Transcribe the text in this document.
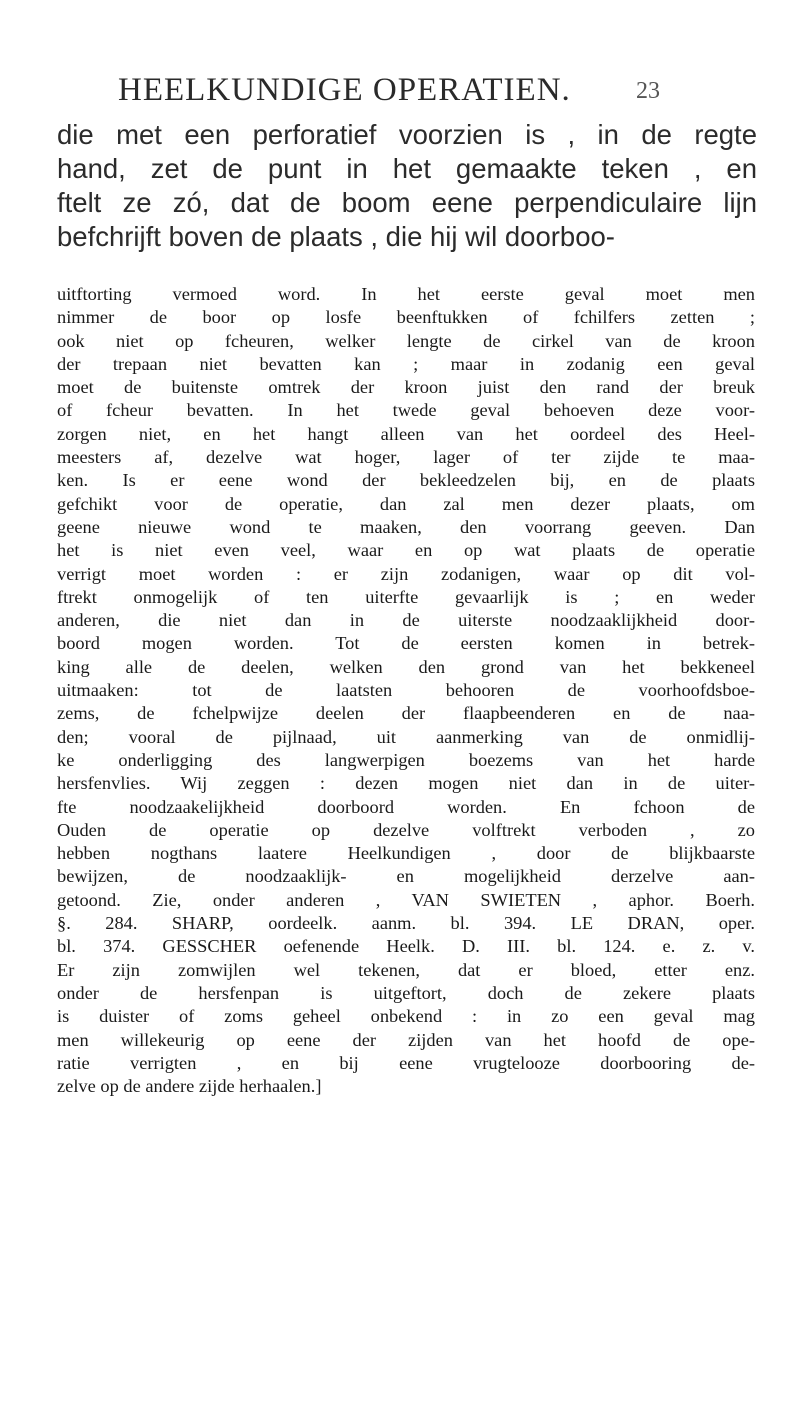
HEELKUNDIGE OPERATIEN.	23
die met een perforatief voorzien is , in de regte
hand, zet de punt in het gemaakte teken , en
ftelt ze zó, dat de boom eene perpendiculaire lijn
befchrijft boven de plaats , die hij wil doorboo-
uitftorting vermoed word. In het eerste geval moet men
nimmer de boor op losfe beenftukken of fchilfers zetten ;
ook niet op fcheuren, welker lengte de cirkel van de kroon
der trepaan niet bevatten kan ; maar in zodanig een geval
moet de buitenste omtrek der kroon juist den rand der breuk
of fcheur bevatten. In het twede geval behoeven deze voor-
zorgen niet, en het hangt alleen van het oordeel des Heel-
meesters af, dezelve wat hoger, lager of ter zijde te maa-
ken. Is er eene wond der bekleedzelen bij, en de plaats
gefchikt voor de operatie, dan zal men dezer plaats, om
geene nieuwe wond te maaken, den voorrang geeven. Dan
het is niet even veel, waar en op wat plaats de operatie
verrigt moet worden : er zijn zodanigen, waar op dit vol-
ftrekt onmogelijk of ten uiterfte gevaarlijk is ; en weder
anderen, die niet dan in de uiterste noodzaaklijkheid door-
boord mogen worden. Tot de eersten komen in betrek-
king alle de deelen, welken den grond van het bekkeneel
uitmaaken: tot de laatsten behooren de voorhoofdsboe-
zems, de fchelpwijze deelen der flaapbeenderen en de naa-
den; vooral de pijlnaad, uit aanmerking van de onmidlij-
ke onderligging des langwerpigen boezems van het harde
hersfenvlies. Wij zeggen : dezen mogen niet dan in de uiter-
fte noodzaakelijkheid doorboord worden. En fchoon de
Ouden de operatie op dezelve volftrekt verboden , zo
hebben nogthans laatere Heelkundigen , door de blijkbaarste
bewijzen, de noodzaaklijk- en mogelijkheid derzelve aan-
getoond. Zie, onder anderen , VAN SWIETEN , aphor. Boerh.
§. 284. SHARP, oordeelk. aanm. bl. 394. LE DRAN, oper.
bl. 374. GESSCHER oefenende Heelk. D. III. bl. 124. e. z. v.
Er zijn zomwijlen wel tekenen, dat er bloed, etter enz.
onder de hersfenpan is uitgeftort, doch de zekere plaats
is duister of zoms geheel onbekend : in zo een geval mag
men willekeurig op eene der zijden van het hoofd de ope-
ratie verrigten , en bij eene vrugtelooze doorbooring de-
zelve op de andere zijde herhaalen.]
